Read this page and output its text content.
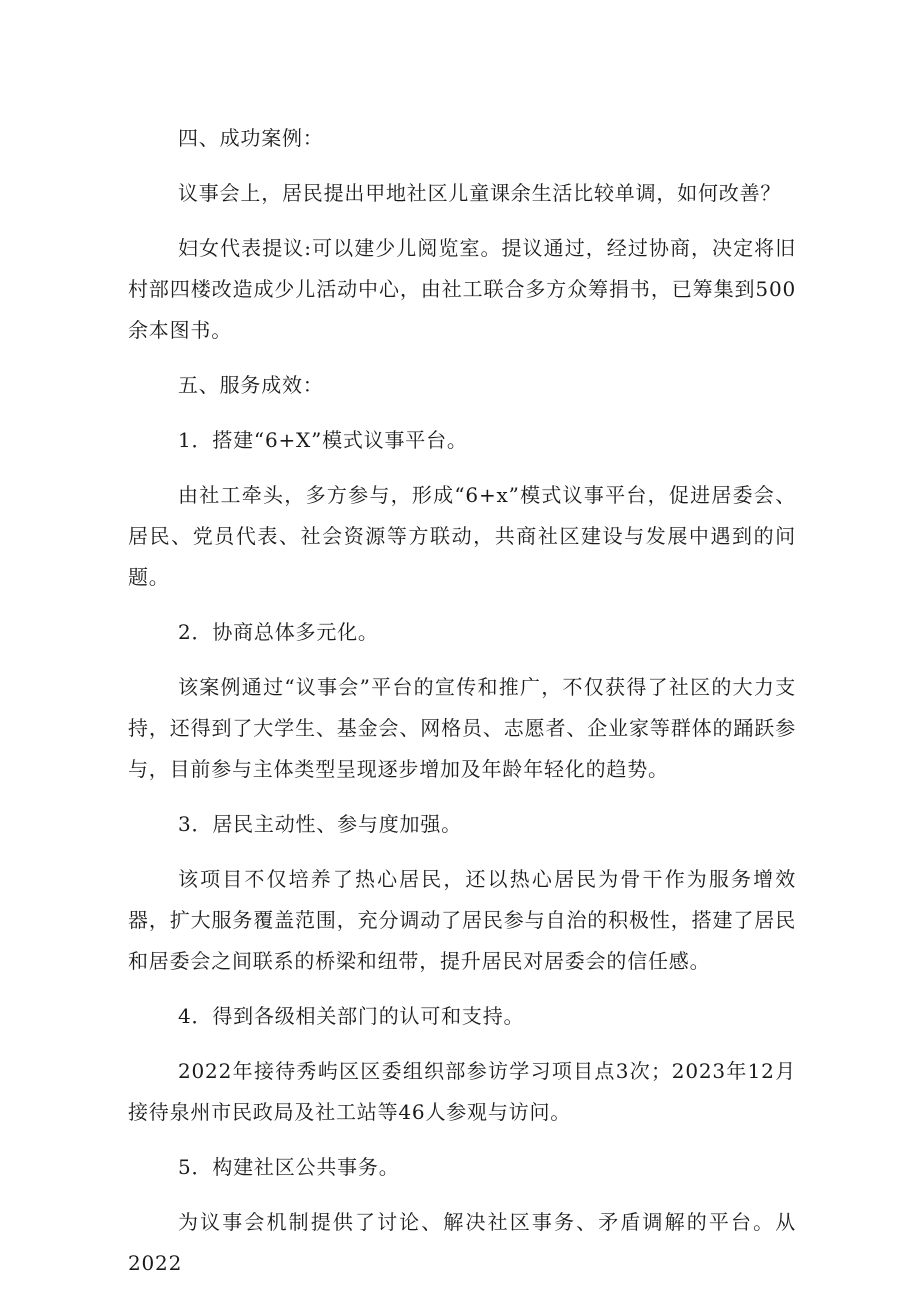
四、成功案例：

议事会上，居民提出甲地社区儿童课余生活比较单调，如何改善？

妇女代表提议:可以建少儿阅览室。提议通过，经过协商，决定将旧村部四楼改造成少儿活动中心，由社工联合多方众筹捐书，已筹集到500余本图书。

五、服务成效：

1．搭建“6+X”模式议事平台。

由社工牵头，多方参与，形成“6+x”模式议事平台，促进居委会、居民、党员代表、社会资源等方联动，共商社区建设与发展中遇到的问题。

2．协商总体多元化。

该案例通过“议事会”平台的宣传和推广，不仅获得了社区的大力支持，还得到了大学生、基金会、网格员、志愿者、企业家等群体的踊跃参与，目前参与主体类型呈现逐步增加及年龄年轻化的趋势。

3．居民主动性、参与度加强。

该项目不仅培养了热心居民，还以热心居民为骨干作为服务增效器，扩大服务覆盖范围，充分调动了居民参与自治的积极性，搭建了居民和居委会之间联系的桥梁和纽带，提升居民对居委会的信任感。

4．得到各级相关部门的认可和支持。

2022年接待秀屿区区委组织部参访学习项目点3次；2023年12月接待泉州市民政局及社工站等46人参观与访问。

5．构建社区公共事务。

为议事会机制提供了讨论、解决社区事务、矛盾调解的平台。从2022
